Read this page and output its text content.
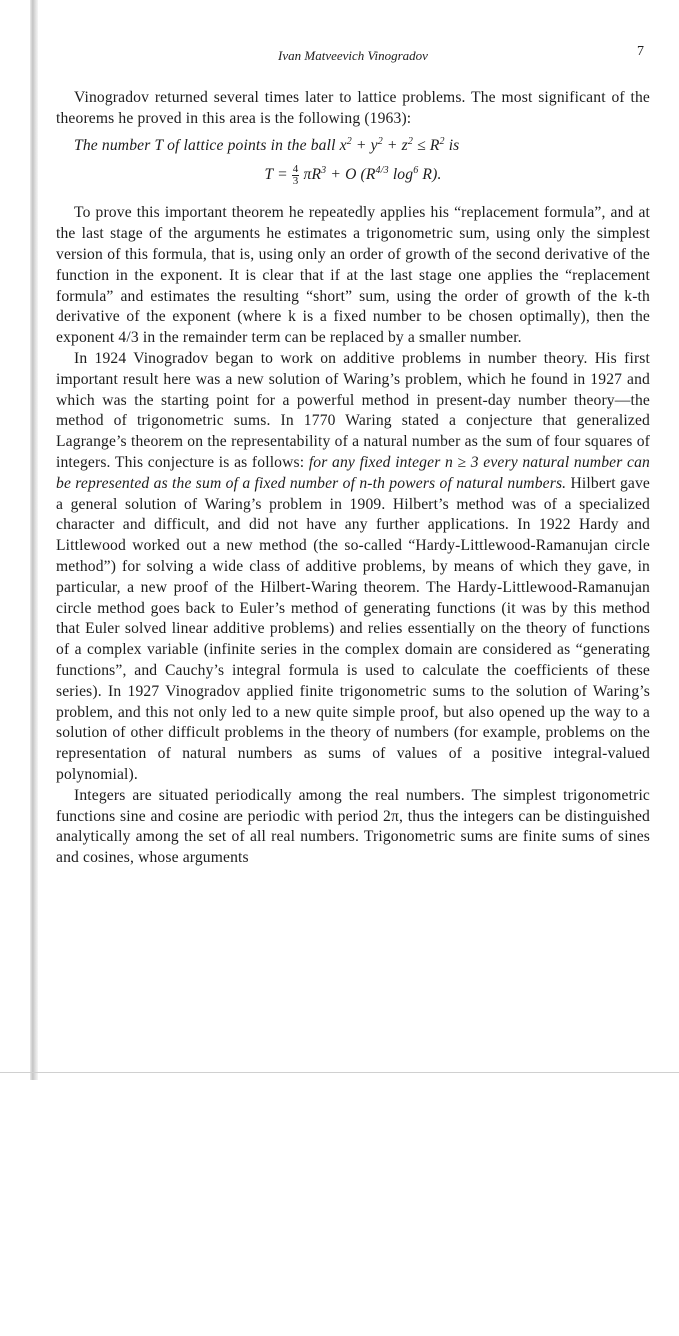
Ivan Matveevich Vinogradov	7

Vinogradov returned several times later to lattice problems. The most significant of the theorems he proved in this area is the following (1963):

The number T of lattice points in the ball $x^2 + y^2 + z^2 \le R^2$ is

$T = \frac{4}{3} \pi R^3 + O$ ($R^{4/3}$ $\log^6 R$).

To prove this important theorem he repeatedly applies his “replacement formula”, and at the last stage of the arguments he estimates a trigonometric sum, using only the simplest version of this formula, that is, using only an order of growth of the second derivative of the function in the exponent. It is clear that if at the last stage one applies the “replacement formula” and estimates the resulting “short” sum, using the order of growth of the k-th derivative of the exponent (where k is a fixed number to be chosen optimally), then the exponent 4/3 in the remainder term can be replaced by a smaller number.

In 1924 Vinogradov began to work on additive problems in number theory. His first important result here was a new solution of Waring’s problem, which he found in 1927 and which was the starting point for a powerful method in present-day number theory—the method of trigonometric sums. In 1770 Waring stated a conjecture that generalized Lagrange’s theorem on the representability of a natural number as the sum of four squares of integers. This conjecture is as follows: for any fixed integer n ≥ 3 every natural number can be represented as the sum of a fixed number of n-th powers of natural numbers. Hilbert gave a general solution of Waring’s problem in 1909. Hilbert’s method was of a specialized character and difficult, and did not have any further applications. In 1922 Hardy and Littlewood worked out a new method (the so-called “Hardy-Littlewood-Ramanujan circle method”) for solving a wide class of additive problems, by means of which they gave, in particular, a new proof of the Hilbert-Waring theorem. The Hardy-Littlewood-Ramanujan circle method goes back to Euler’s method of generating functions (it was by this method that Euler solved linear additive problems) and relies essentially on the theory of functions of a complex variable (infinite series in the complex domain are considered as “generating functions”, and Cauchy’s integral formula is used to calculate the coefficients of these series). In 1927 Vinogradov applied finite trigonometric sums to the solution of Waring’s problem, and this not only led to a new quite simple proof, but also opened up the way to a solution of other difficult problems in the theory of numbers (for example, problems on the representation of natural numbers as sums of values of a positive integral-valued polynomial).

Integers are situated periodically among the real numbers. The simplest trigonometric functions sine and cosine are periodic with period 2π, thus the integers can be distinguished analytically among the set of all real numbers. Trigonometric sums are finite sums of sines and cosines, whose arguments
